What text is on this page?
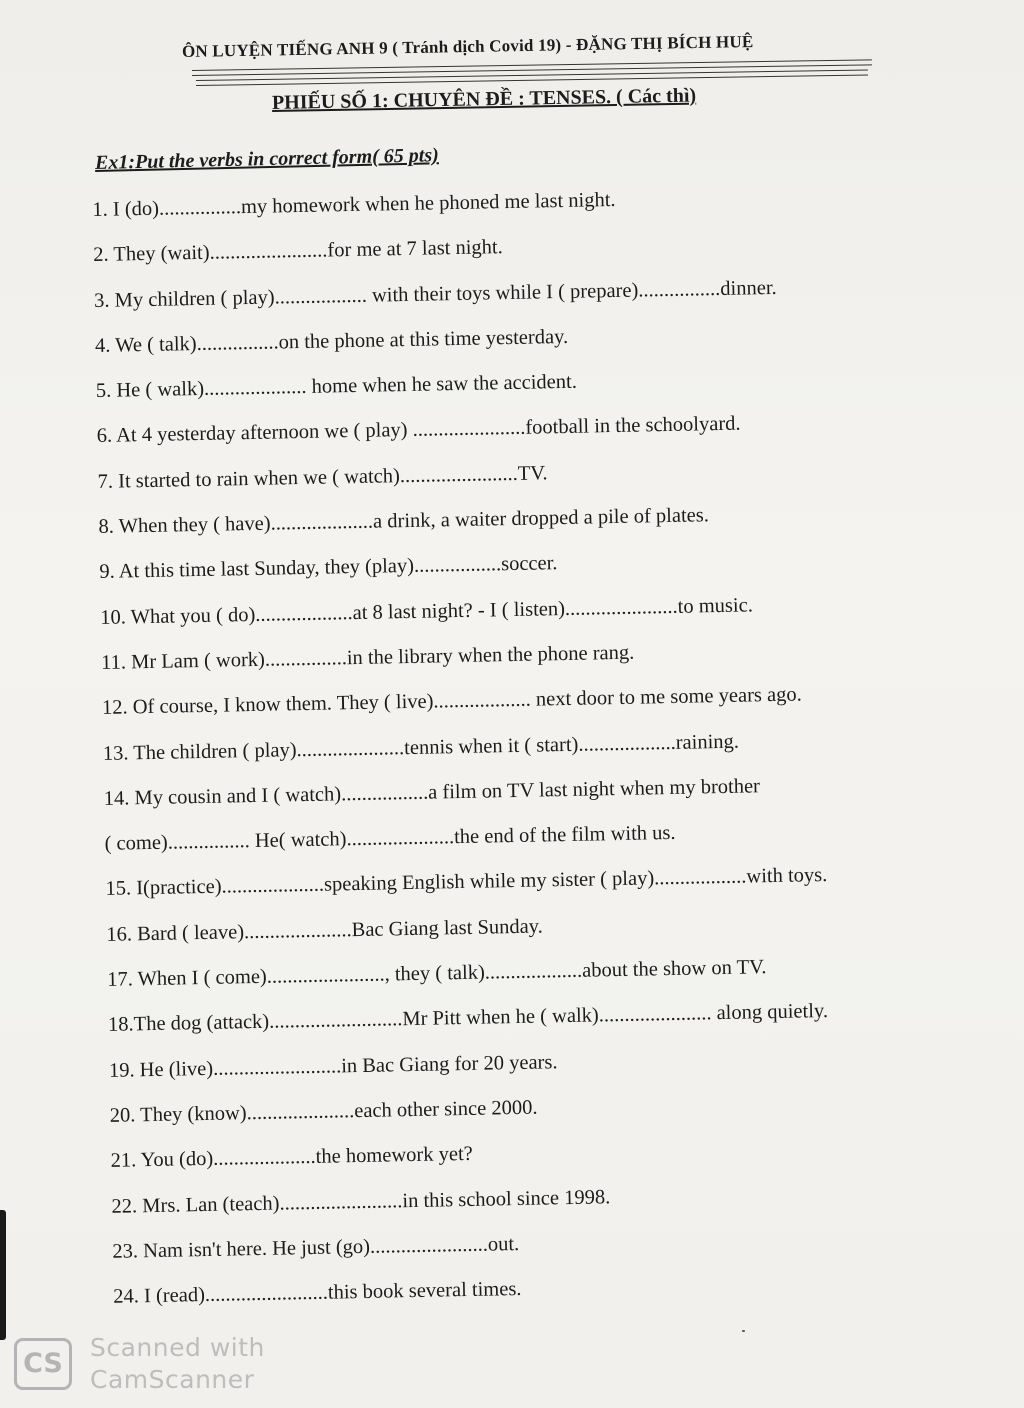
ÔN LUYỆN TIẾNG ANH 9 ( Tránh dịch Covid 19) - ĐẶNG THỊ BÍCH HUỆ
PHIẾU SỐ 1: CHUYÊN ĐỀ : TENSES. ( Các thì)
Ex1:Put the verbs in correct form( 65 pts)
1. I (do)................my homework when he phoned me last night.
2. They (wait).......................for me at 7 last night.
3. My children ( play).................. with their toys while I ( prepare)................dinner.
4. We ( talk)................on the phone at this time yesterday.
5. He ( walk).................... home when he saw the accident.
6. At 4 yesterday afternoon we ( play) ......................football in the schoolyard.
7. It started to rain when we ( watch).......................TV.
8. When they ( have)....................a drink, a waiter dropped a pile of plates.
9. At this time last Sunday, they (play).................soccer.
10. What you ( do)...................at 8 last night? - I ( listen)......................to music.
11. Mr Lam ( work)................in the library when the phone rang.
12. Of course, I know them. They ( live)................... next door to me some years ago.
13. The children ( play).....................tennis when it ( start)...................raining.
14. My cousin and I ( watch).................a film on TV last night when my brother
( come)................ He( watch).....................the end of the film with us.
15. I(practice)....................speaking English while my sister ( play)..................with toys.
16. Bard ( leave).....................Bac Giang last Sunday.
17. When I ( come)......................., they ( talk)...................about the show on TV.
18.The dog (attack)..........................Mr Pitt when he ( walk)...................... along quietly.
19. He (live).........................in Bac Giang for 20 years.
20. They (know).....................each other since 2000.
21. You (do)....................the homework yet?
22. Mrs. Lan (teach)........................in this school since 1998.
23. Nam isn't here. He just (go).......................out.
24. I (read)........................this book several times.
CS
Scanned with
CamScanner
